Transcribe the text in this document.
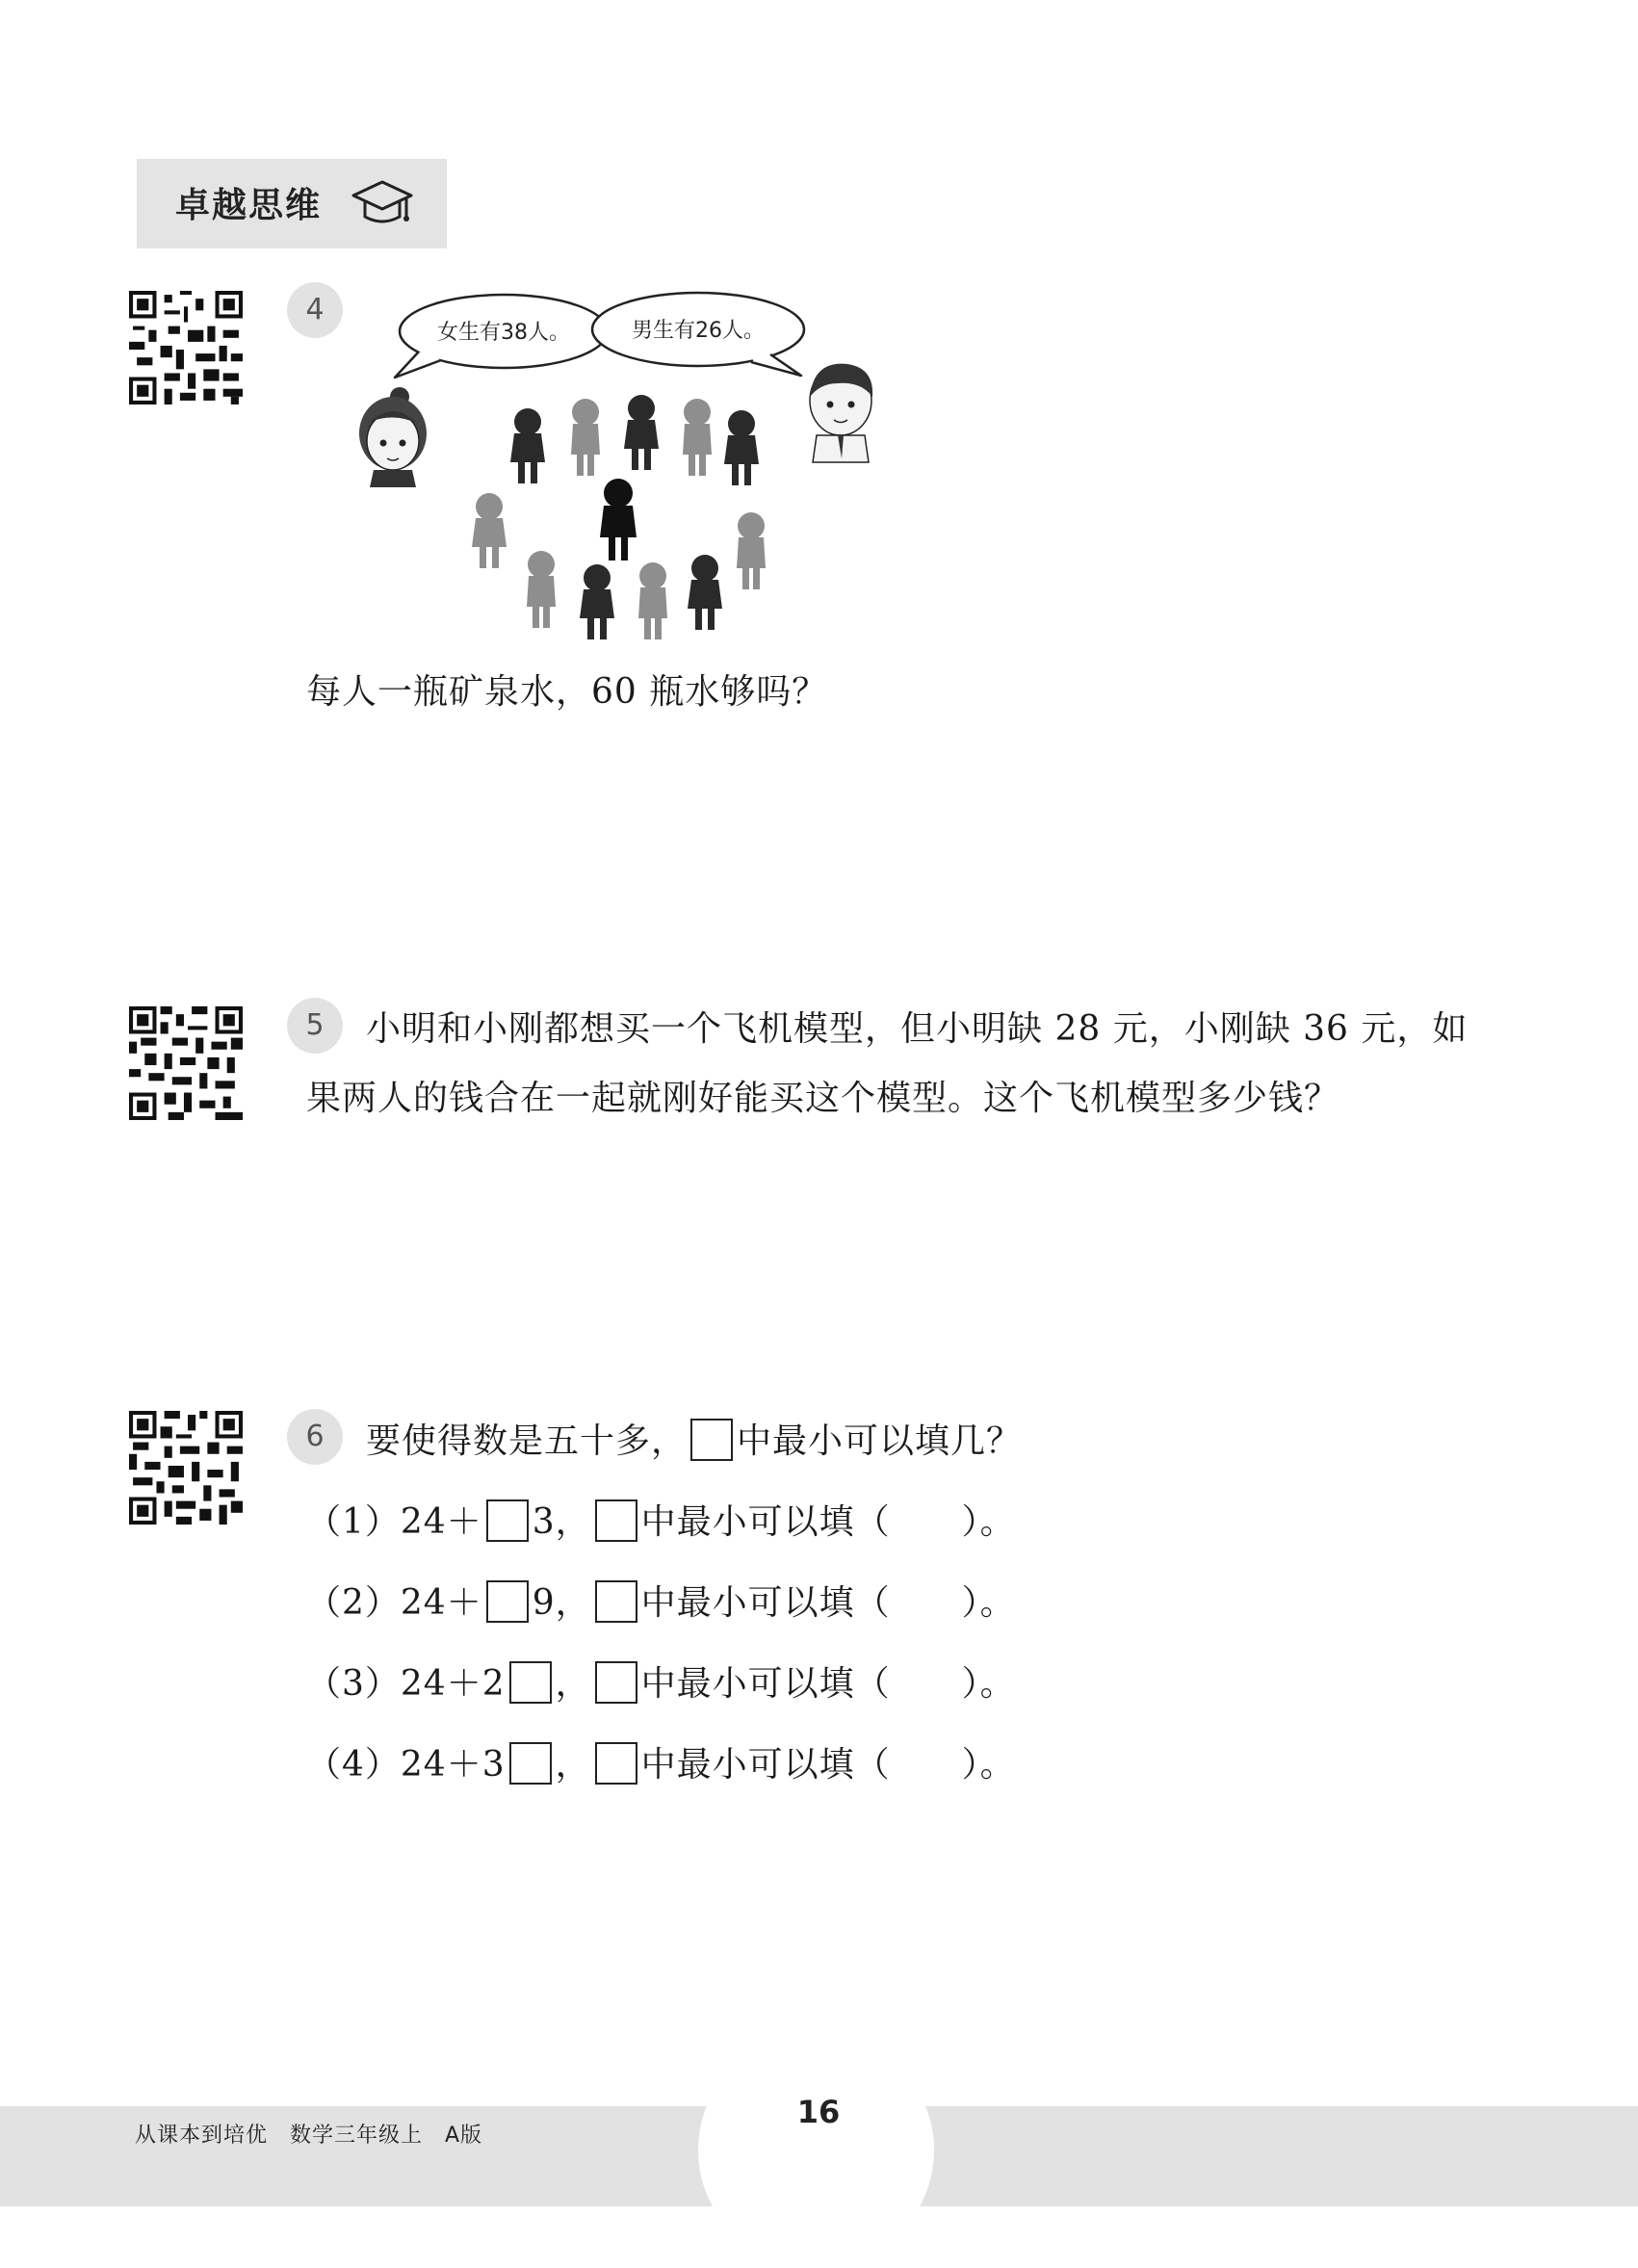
卓越思维
4
女生有38人。	男生有26人。
每人一瓶矿泉水，60 瓶水够吗？
5	小明和小刚都想买一个飞机模型，但小明缺 28 元，小刚缺 36 元，如
果两人的钱合在一起就刚好能买这个模型。这个飞机模型多少钱？
6	要使得数是五十多， 中最小可以填几？
（1）24＋ 3， 中最小可以填（　　）。
（2）24＋ 9， 中最小可以填（　　）。
（3）24＋2 ， 中最小可以填（　　）。
（4）24＋3 ， 中最小可以填（　　）。
从课本到培优　数学三年级上　A版
16
